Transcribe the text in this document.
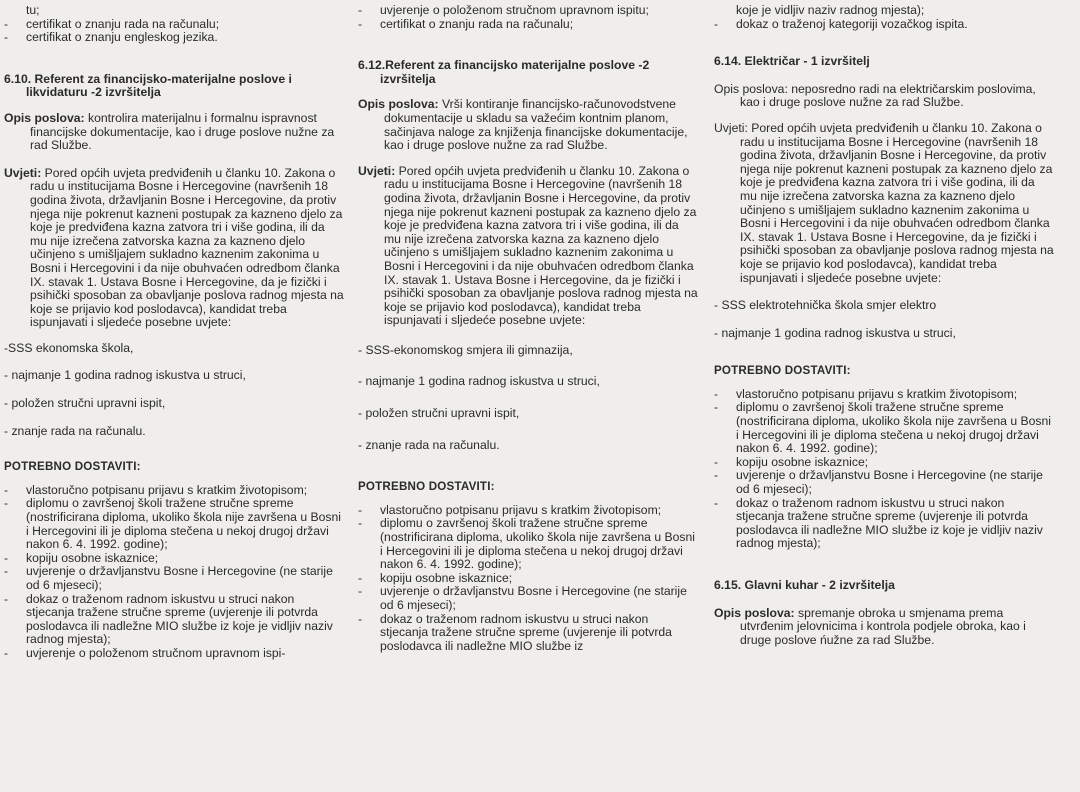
tu;

- certifikat o znanju rada na računalu;

- certifikat o znanju engleskog jezika.

6.10. Referent za financijsko-materijalne poslove i likvidaturu -2 izvršitelja

Opis poslova: kontrolira materijalnu i formalnu ispravnost financijske dokumentacije, kao i druge poslove nužne za rad Službe.

Uvjeti: Pored općih uvjeta predviđenih u članku 10. Zakona o radu u institucijama Bosne i Hercegovine (navršenih 18 godina života, državljanin Bosne i Hercegovine, da protiv njega nije pokrenut kazneni postupak za kazneno djelo za koje je predviđena kazna zatvora tri i više godina, ili da mu nije izrečena zatvorska kazna za kazneno djelo učinjeno s umišljajem sukladno kaznenim zakonima u Bosni i Hercegovini i da nije obuhvaćen odredbom članka IX. stavak 1. Ustava Bosne i Hercegovine, da je fizički i psihički sposoban za obavljanje poslova radnog mjesta na koje se prijavio kod poslodavca), kandidat treba ispunjavati i sljedeće posebne uvjete:

-SSS ekonomska škola,

- najmanje 1 godina radnog iskustva u struci,

- položen stručni upravni ispit,

- znanje rada na računalu.

POTREBNO DOSTAVITI:

- vlastoručno potpisanu prijavu s kratkim životopisom;

- diplomu o završenoj školi tražene stručne spreme (nostrificirana diploma, ukoliko škola nije završena u Bosni i Hercegovini ili je diploma stečena u nekoj drugoj državi nakon 6. 4. 1992. godine);

- kopiju osobne iskaznice;

- uvjerenje o državljanstvu Bosne i Hercegovine (ne starije od 6 mjeseci);

- dokaz o traženom radnom iskustvu u struci nakon stjecanja tražene stručne spreme (uvjerenje ili potvrda poslodavca ili nadležne MIO službe iz koje je vidljiv naziv radnog mjesta);

- uvjerenje o položenom stručnom upravnom ispi-

- uvjerenje o položenom stručnom upravnom ispitu;

- certifikat o znanju rada na računalu;

6.12.Referent za financijsko materijalne poslove -2 izvršitelja

Opis poslova: Vrši kontiranje financijsko-računovodstvene dokumentacije u skladu sa važećim kontnim planom, sačinjava naloge za knjiženja financijske dokumentacije, kao i druge poslove nužne za rad Službe.

Uvjeti: Pored općih uvjeta predviđenih u članku 10. Zakona o radu u institucijama Bosne i Hercegovine (navršenih 18 godina života, državljanin Bosne i Hercegovine, da protiv njega nije pokrenut kazneni postupak za kazneno djelo za koje je predviđena kazna zatvora tri i više godina, ili da mu nije izrečena zatvorska kazna za kazneno djelo učinjeno s umišljajem sukladno kaznenim zakonima u Bosni i Hercegovini i da nije obuhvaćen odredbom članka IX. stavak 1. Ustava Bosne i Hercegovine, da je fizički i psihički sposoban za obavljanje poslova radnog mjesta na koje se prijavio kod poslodavca), kandidat treba ispunjavati i sljedeće posebne uvjete:

- SSS-ekonomskog smjera ili gimnazija,

- najmanje 1 godina radnog iskustva u struci,

- položen stručni upravni ispit,

- znanje rada na računalu.

POTREBNO DOSTAVITI:

- vlastoručno potpisanu prijavu s kratkim životopisom;

- diplomu o završenoj školi tražene stručne spreme (nostrificirana diploma, ukoliko škola nije završena u Bosni i Hercegovini ili je diploma stečena u nekoj drugoj državi nakon 6. 4. 1992. godine);

- kopiju osobne iskaznice;

- uvjerenje o državljanstvu Bosne i Hercegovine (ne starije od 6 mjeseci);

- dokaz o traženom radnom iskustvu u struci nakon stjecanja tražene stručne spreme (uvjerenje ili potvrda poslodavca ili nadležne MIO službe iz

koje je vidljiv naziv radnog mjesta);

- dokaz o traženoj kategoriji vozačkog ispita.

6.14. Električar - 1 izvršitelj

Opis poslova: neposredno radi na električarskim poslovima, kao i druge poslove nužne za rad Službe.

Uvjeti: Pored općih uvjeta predviđenih u članku 10. Zakona o radu u institucijama Bosne i Hercegovine (navršenih 18 godina života, državljanin Bosne i Hercegovine, da protiv njega nije pokrenut kazneni postupak za kazneno djelo za koje je predviđena kazna zatvora tri i više godina, ili da mu nije izrečena zatvorska kazna za kazneno djelo učinjeno s umišljajem sukladno kaznenim zakonima u Bosni i Hercegovini i da nije obuhvaćen odredbom članka IX. stavak 1. Ustava Bosne i Hercegovine, da je fizički i psihički sposoban za obavljanje poslova radnog mjesta na koje se prijavio kod poslodavca), kandidat treba ispunjavati i sljedeće posebne uvjete:

- SSS elektrotehnička škola smjer elektro

- najmanje 1 godina radnog iskustva u struci,

POTREBNO DOSTAVITI:

- vlastoručno potpisanu prijavu s kratkim životopisom;

- diplomu o završenoj školi tražene stručne spreme (nostrificirana diploma, ukoliko škola nije završena u Bosni i Hercegovini ili je diploma stečena u nekoj drugoj državi nakon 6. 4. 1992. godine);

- kopiju osobne iskaznice;

- uvjerenje o državljanstvu Bosne i Hercegovine (ne starije od 6 mjeseci);

- dokaz o traženom radnom iskustvu u struci nakon stjecanja tražene stručne spreme (uvjerenje ili potvrda poslodavca ili nadležne MIO službe iz koje je vidljiv naziv radnog mjesta);

6.15. Glavni kuhar - 2 izvršitelja

Opis poslova: spremanje obroka u smjenama prema utvrđenim jelovnicima i kontrola podjele obroka, kao i druge poslove ńužne za rad Službe.
